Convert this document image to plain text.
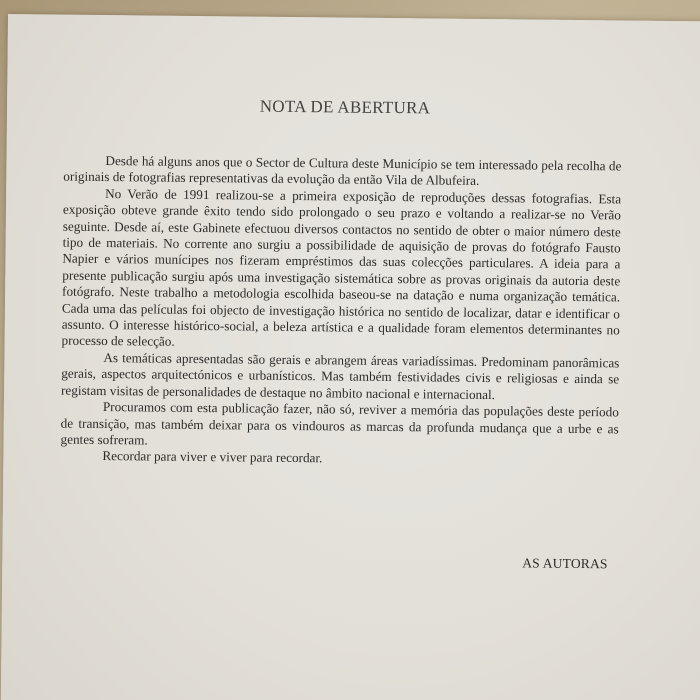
NOTA DE ABERTURA

Desde há alguns anos que o Sector de Cultura deste Município se tem interessado pela recolha de originais de fotografias representativas da evolução da então Vila de Albufeira.

No Verão de 1991 realizou-se a primeira exposição de reproduções dessas fotografias. Esta exposição obteve grande êxito tendo sido prolongado o seu prazo e voltando a realizar-se no Verão seguinte. Desde aí, este Gabinete efectuou diversos contactos no sentido de obter o maior número deste tipo de materiais. No corrente ano surgiu a possibilidade de aquisição de provas do fotógrafo Fausto Napier e vários munícipes nos fizeram empréstimos das suas colecções particulares. A ideia para a presente publicação surgiu após uma investigação sistemática sobre as provas originais da autoria deste fotógrafo. Neste trabalho a metodologia escolhida baseou-se na datação e numa organização temática. Cada uma das películas foi objecto de investigação histórica no sentido de localizar, datar e identificar o assunto. O interesse histórico-social, a beleza artística e a qualidade foram elementos determinantes no processo de selecção.

As temáticas apresentadas são gerais e abrangem áreas variadíssimas. Predominam panorâmicas gerais, aspectos arquitectónicos e urbanísticos. Mas também festividades civis e religiosas e ainda se registam visitas de personalidades de destaque no âmbito nacional e internacional.

Procuramos com esta publicação fazer, não só, reviver a memória das populações deste período de transição, mas também deixar para os vindouros as marcas da profunda mudança que a urbe e as gentes sofreram.

Recordar para viver e viver para recordar.

AS AUTORAS
